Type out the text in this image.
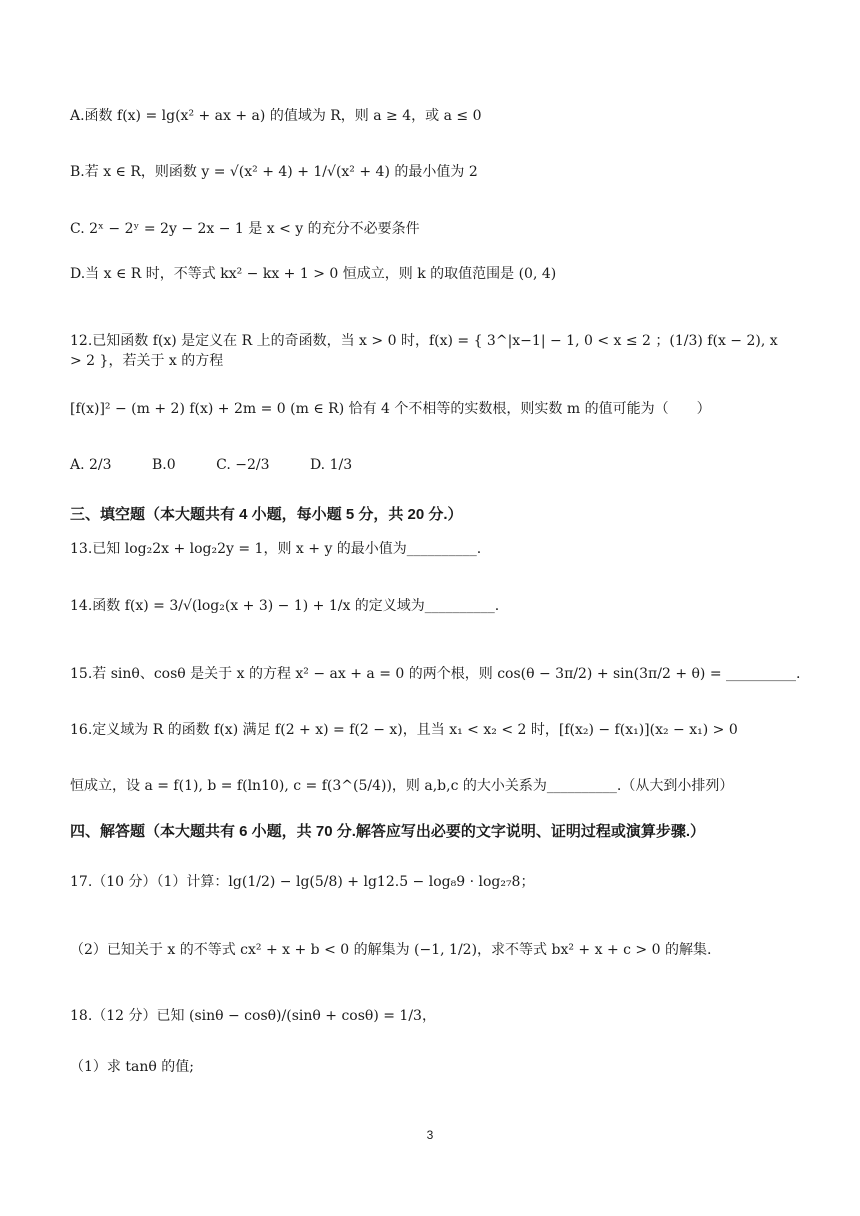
A.函数 f(x) = lg(x² + ax + a) 的值域为 R，则 a ≥ 4，或 a ≤ 0
B.若 x ∈ R，则函数 y = √(x² + 4) + 1/√(x² + 4) 的最小值为 2
C. 2ˣ − 2ʸ = 2y − 2x − 1 是 x < y 的充分不必要条件
D.当 x ∈ R 时，不等式 kx² − kx + 1 > 0 恒成立，则 k 的取值范围是 (0, 4)
12.已知函数 f(x) 是定义在 R 上的奇函数，当 x > 0 时，f(x) = { 3^|x−1| − 1, 0 < x ≤ 2 ；(1/3) f(x − 2), x > 2 }，若关于 x 的方程
[f(x)]² − (m + 2) f(x) + 2m = 0 (m ∈ R) 恰有 4 个不相等的实数根，则实数 m 的值可能为（　　）
A. 2/3	B.0	C. −2/3	D. 1/3
三、填空题（本大题共有 4 小题，每小题 5 分，共 20 分.）
13.已知 log₂2x + log₂2y = 1，则 x + y 的最小值为__________.
14.函数 f(x) = 3/√(log₂(x + 3) − 1) + 1/x 的定义域为__________.
15.若 sinθ、cosθ 是关于 x 的方程 x² − ax + a = 0 的两个根，则 cos(θ − 3π/2) + sin(3π/2 + θ) = __________.
16.定义域为 R 的函数 f(x) 满足 f(2 + x) = f(2 − x)，且当 x₁ < x₂ < 2 时，[f(x₂) − f(x₁)](x₂ − x₁) > 0
恒成立，设 a = f(1), b = f(ln10), c = f(3^(5/4))，则 a,b,c 的大小关系为__________.（从大到小排列）
四、解答题（本大题共有 6 小题，共 70 分.解答应写出必要的文字说明、证明过程或演算步骤.）
17.（10 分）（1）计算：lg(1/2) − lg(5/8) + lg12.5 − log₈9 · log₂₇8；
（2）已知关于 x 的不等式 cx² + x + b < 0 的解集为 (−1, 1/2)，求不等式 bx² + x + c > 0 的解集.
18.（12 分）已知 (sinθ − cosθ)/(sinθ + cosθ) = 1/3，
（1）求 tanθ 的值;
3
